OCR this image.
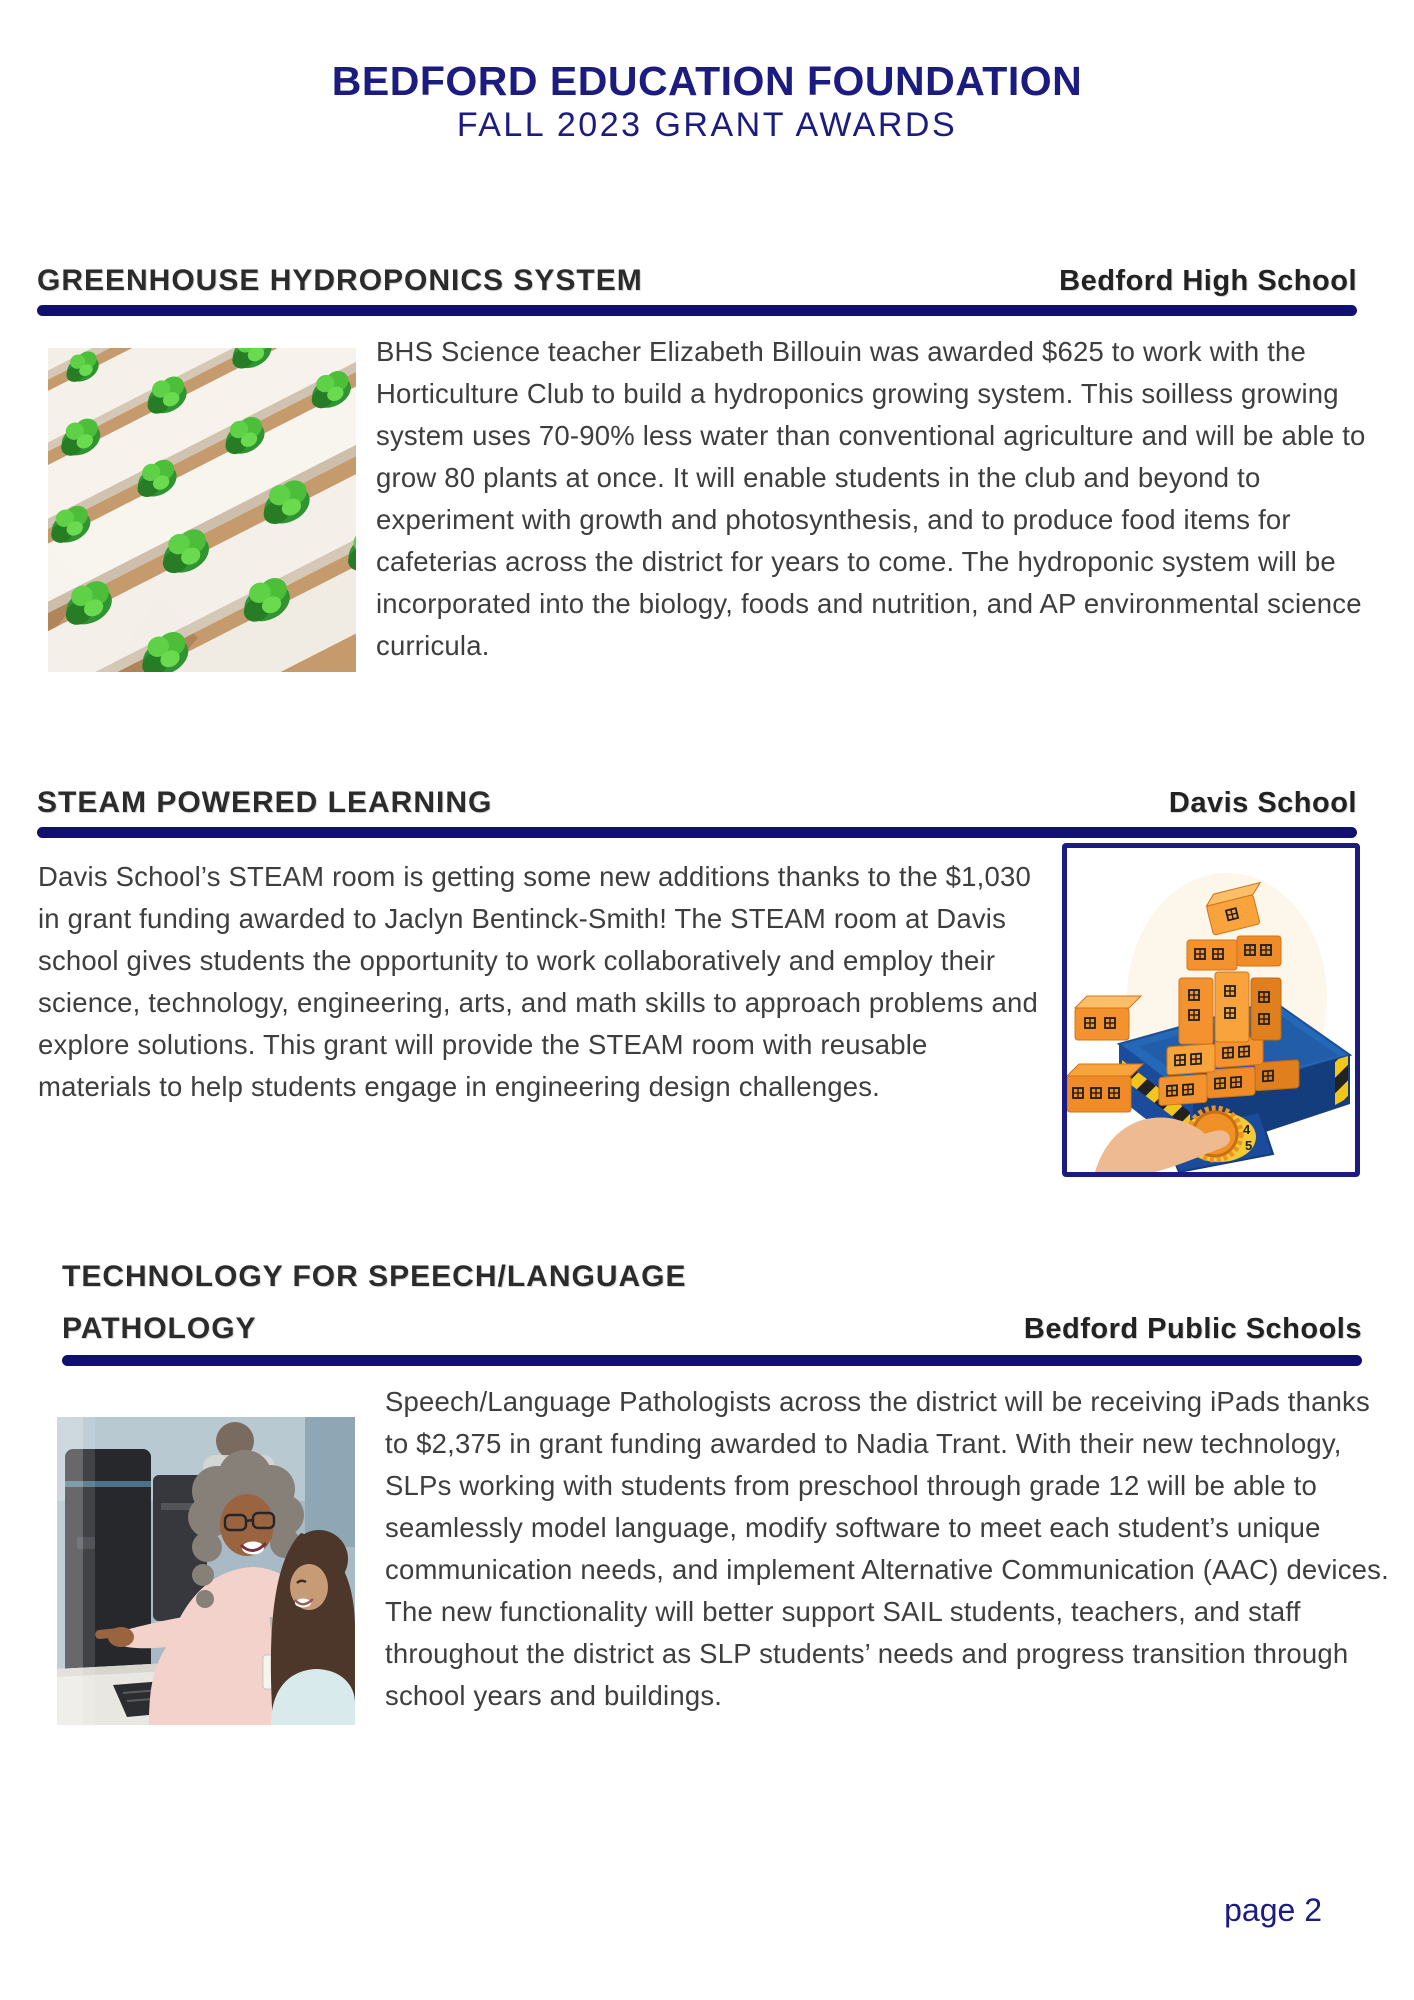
BEDFORD EDUCATION FOUNDATION
FALL 2023 GRANT AWARDS
GREENHOUSE HYDROPONICS SYSTEM	Bedford High School
BHS Science teacher Elizabeth Billouin was awarded $625 to work with the Horticulture Club to build a hydroponics growing system. This soilless growing system uses 70-90% less water than conventional agriculture and will be able to grow 80 plants at once. It will enable students in the club and beyond to experiment with growth and photosynthesis, and to produce food items for cafeterias across the district for years to come. The hydroponic system will be incorporated into the biology, foods and nutrition, and AP environmental science curricula.
STEAM POWERED LEARNING	Davis School
Davis School’s STEAM room is getting some new additions thanks to the $1,030 in grant funding awarded to Jaclyn Bentinck-Smith! The STEAM room at Davis school gives students the opportunity to work collaboratively and employ their science, technology, engineering, arts, and math skills to approach problems and explore solutions. This grant will provide the STEAM room with reusable materials to help students engage in engineering design challenges.
4
5
TECHNOLOGY FOR SPEECH/LANGUAGE
PATHOLOGY	Bedford Public Schools
Speech/Language Pathologists across the district will be receiving iPads thanks to $2,375 in grant funding awarded to Nadia Trant. With their new technology, SLPs working with students from preschool through grade 12 will be able to seamlessly model language, modify software to meet each student’s unique communication needs, and implement Alternative Communication (AAC) devices. The new functionality will better support SAIL students, teachers, and staff throughout the district as SLP students’ needs and progress transition through school years and buildings.
page 2
